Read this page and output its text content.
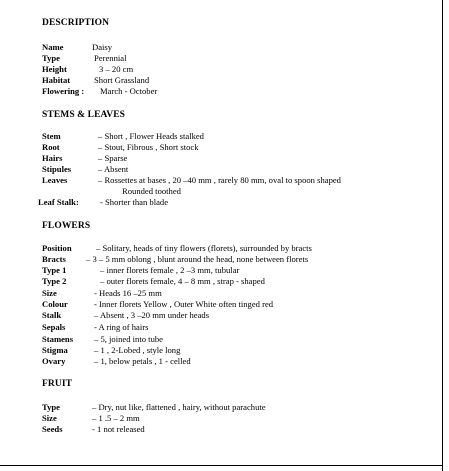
DESCRIPTION
Name	Daisy
Type	Perennial
Height	3 – 20 cm
Habitat	Short Grassland
Flowering : March - October
STEMS & LEAVES
Stem	– Short , Flower Heads stalked
Root	– Stout, Fibrous , Short stock
Hairs	– Sparse
Stipules	– Absent
Leaves	– Rossettes at bases , 20 –40 mm , rarely 80 mm, oval to spoon shaped
Rounded toothed
Leaf Stalk: - Shorter than blade
FLOWERS
Position	– Solitary, heads of tiny flowers (florets), surrounded by bracts
Bracts – 3 – 5 mm oblong , blunt around the head, none between florets
Type 1	– inner florets female , 2 –3 mm, tubular
Type 2	– outer florets female, 4 – 8 mm , strap - shaped
Size	- Heads 16 –25 mm
Colour	- Inner florets Yellow , Outer White often tinged red
Stalk	– Absent , 3 –20 mm under heads
Sepals	- A ring of hairs
Stamens – 5, joined into tube
Stigma	– 1 , 2-Lobed , style long
Ovary	– 1, below petals , 1 - celled
FRUIT
Type	– Dry, nut like, flattened , hairy, without parachute
Size	– 1 .5 – 2 mm
Seeds	- 1 not released
